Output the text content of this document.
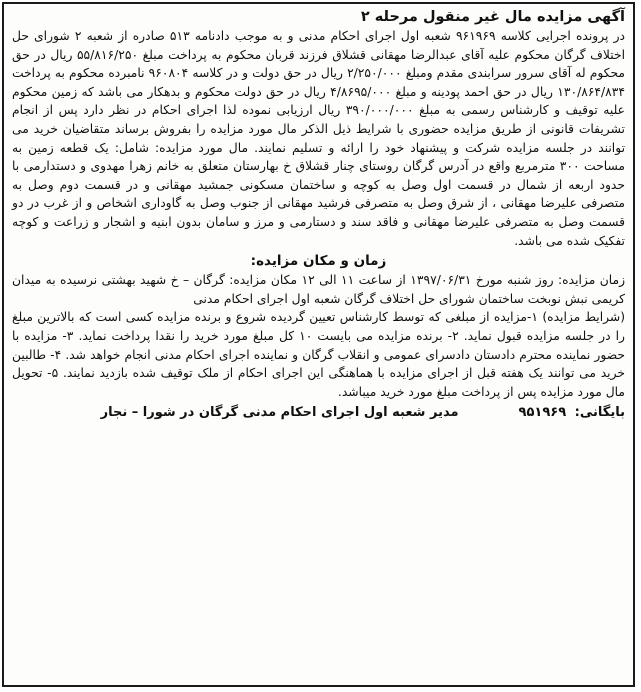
آگهی مزایده مال غیر منقول مرحله ۲

در پرونده اجرایی کلاسه ۹۶۱۹۶۹ شعبه اول اجرای احکام مدنی و به موجب دادنامه ۵۱۳ صادره از شعبه ۲ شورای حل اختلاف گرگان محکوم علیه آقای عبدالرضا مهقانی قشلاق فرزند قربان محکوم به پرداخت مبلغ ۵۵/۸۱۶/۲۵۰ ریال در حق محکوم له آقای سرور سرابندی مقدم ومبلغ ۲/۲۵۰/۰۰۰ ریال در حق دولت و در کلاسه ۹۶۰۸۰۴ نامبرده محکوم به پرداخت ۱۳۰/۸۶۴/۸۳۴ ریال در حق احمد پودینه و مبلغ ۴/۸۶۹۵/۰۰۰ ریال در حق دولت محکوم و بدهکار می باشد که زمین محکوم علیه توقیف و کارشناس رسمی به مبلغ ۳۹۰/۰۰۰/۰۰۰ ریال ارزیابی نموده لذا اجرای احکام در نظر دارد پس از انجام تشریفات قانونی از طریق مزایده حضوری با شرایط ذیل الذکر مال مورد مزایده را بفروش برساند متقاضیان خرید می توانند در جلسه مزایده شرکت و پیشنهاد خود را ارائه و تسلیم نمایند. مال مورد مزایده: شامل: یک قطعه زمین به مساحت ۳۰۰ مترمربع واقع در آدرس گرگان روستای چنار قشلاق خ بهارستان متعلق به خانم زهرا مهدوی و دستدارمی با حدود اربعه از شمال در قسمت اول وصل به کوچه و ساختمان مسکونی جمشید مهقانی و در قسمت دوم وصل به متصرفی علیرضا مهقانی ، از شرق وصل به متصرفی فرشید مهقانی از جنوب وصل به گاوداری اشخاص و از غرب در دو قسمت وصل به متصرفی علیرضا مهقانی و فاقد سند و دستارمی و مرز و سامان بدون ابنیه و اشجار و زراعت و کوچه تفکیک شده می باشد.

زمان و مکان مزایده:

زمان مزایده: روز شنبه مورخ ۱۳۹۷/۰۶/۳۱ از ساعت ۱۱ الی ۱۲ مکان مزایده: گرگان – خ شهید بهشتی نرسیده به میدان کریمی نبش نوبخت ساختمان شورای حل اختلاف گرگان شعبه اول اجرای احکام مدنی

(شرایط مزایده) ۱-مزایده از مبلغی که توسط کارشناس تعیین گردیده شروع و برنده مزایده کسی است که بالاترین مبلغ را در جلسه مزایده قبول نماید. ۲- برنده مزایده می بایست ۱۰ کل مبلغ مورد خرید را نقدا پرداخت نماید. ۳- مزایده با حضور نماینده محترم دادستان دادسرای عمومی و انقلاب گرگان و نماینده اجرای احکام مدنی انجام خواهد شد. ۴- طالبین خرید می توانند یک هفته قبل از اجرای مزایده با هماهنگی این اجرای احکام از ملک توقیف شده بازدید نمایند. ۵- تحویل مال مورد مزایده پس از پرداخت مبلغ مورد خرید میباشد.

بایگانی: ۹۵۱۹۶۹
مدیر شعبه اول اجرای احکام مدنی گرگان در شورا – نجار
